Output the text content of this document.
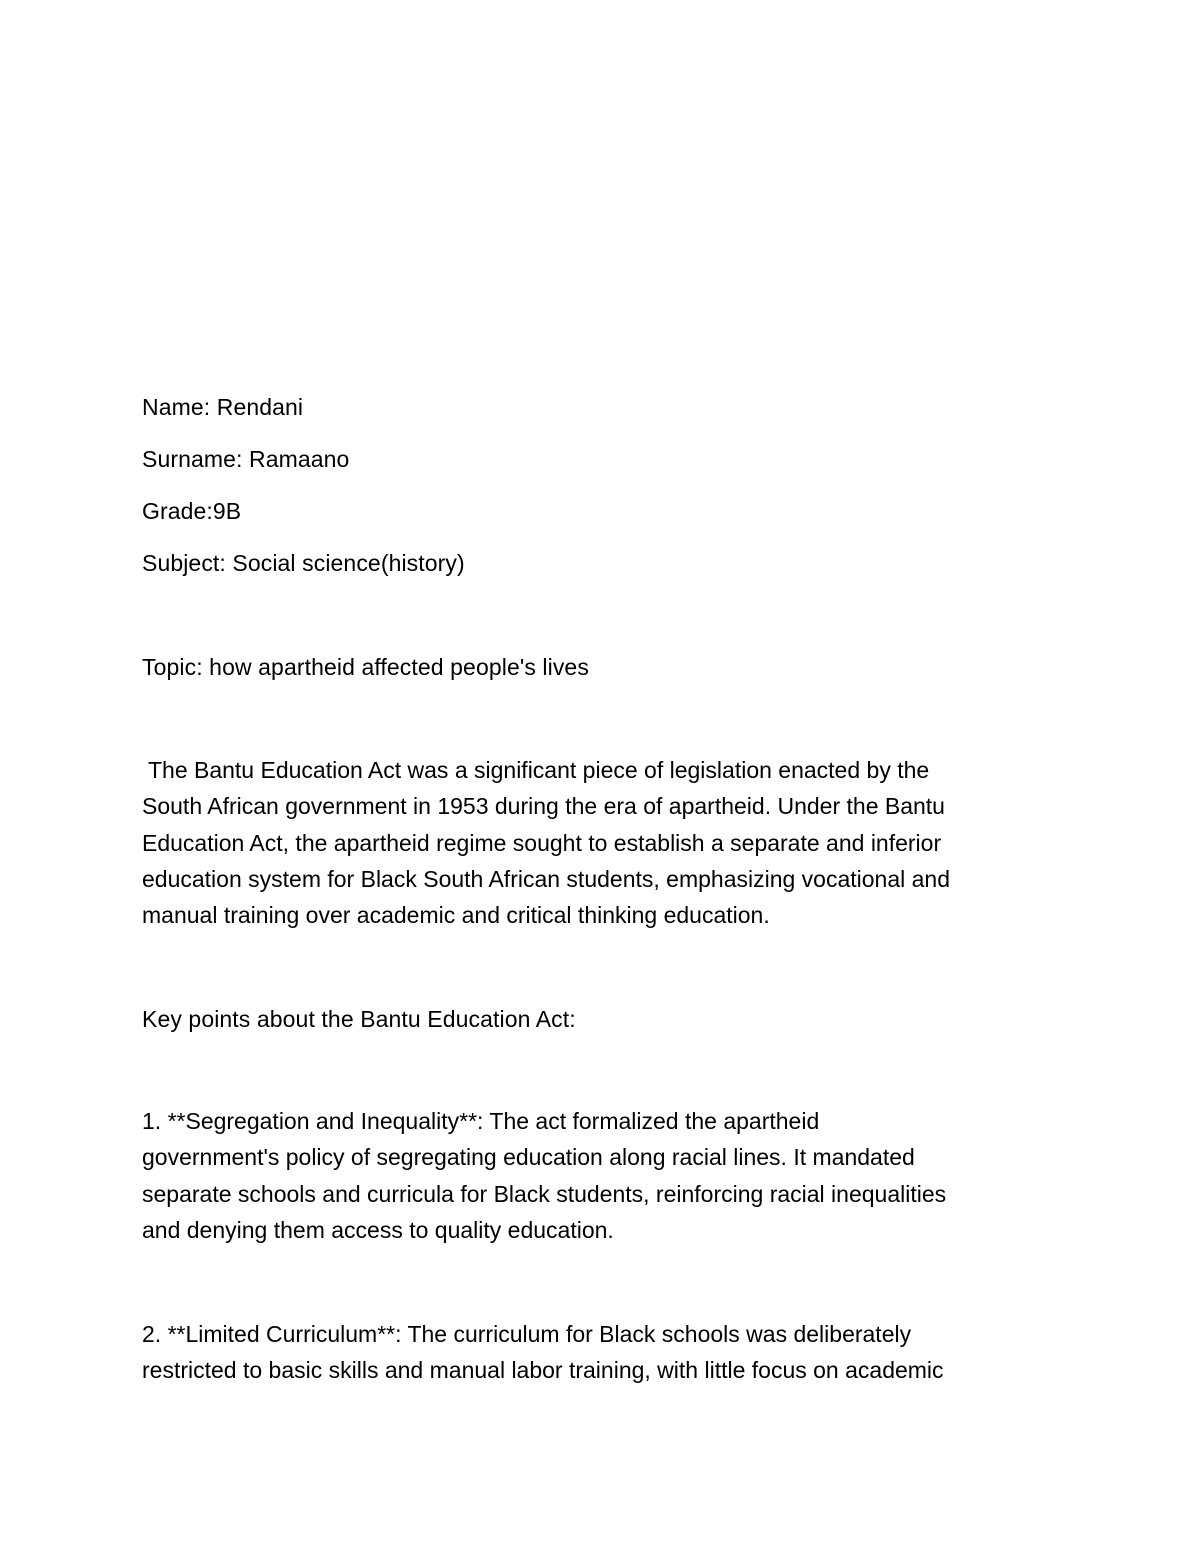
Name: Rendani
Surname: Ramaano
Grade:9B
Subject: Social science(history)
Topic: how apartheid affected people's lives
The Bantu Education Act was a significant piece of legislation enacted by the
South African government in 1953 during the era of apartheid. Under the Bantu
Education Act, the apartheid regime sought to establish a separate and inferior
education system for Black South African students, emphasizing vocational and
manual training over academic and critical thinking education.
Key points about the Bantu Education Act:
1. **Segregation and Inequality**: The act formalized the apartheid
government's policy of segregating education along racial lines. It mandated
separate schools and curricula for Black students, reinforcing racial inequalities
and denying them access to quality education.
2. **Limited Curriculum**: The curriculum for Black schools was deliberately
restricted to basic skills and manual labor training, with little focus on academic
